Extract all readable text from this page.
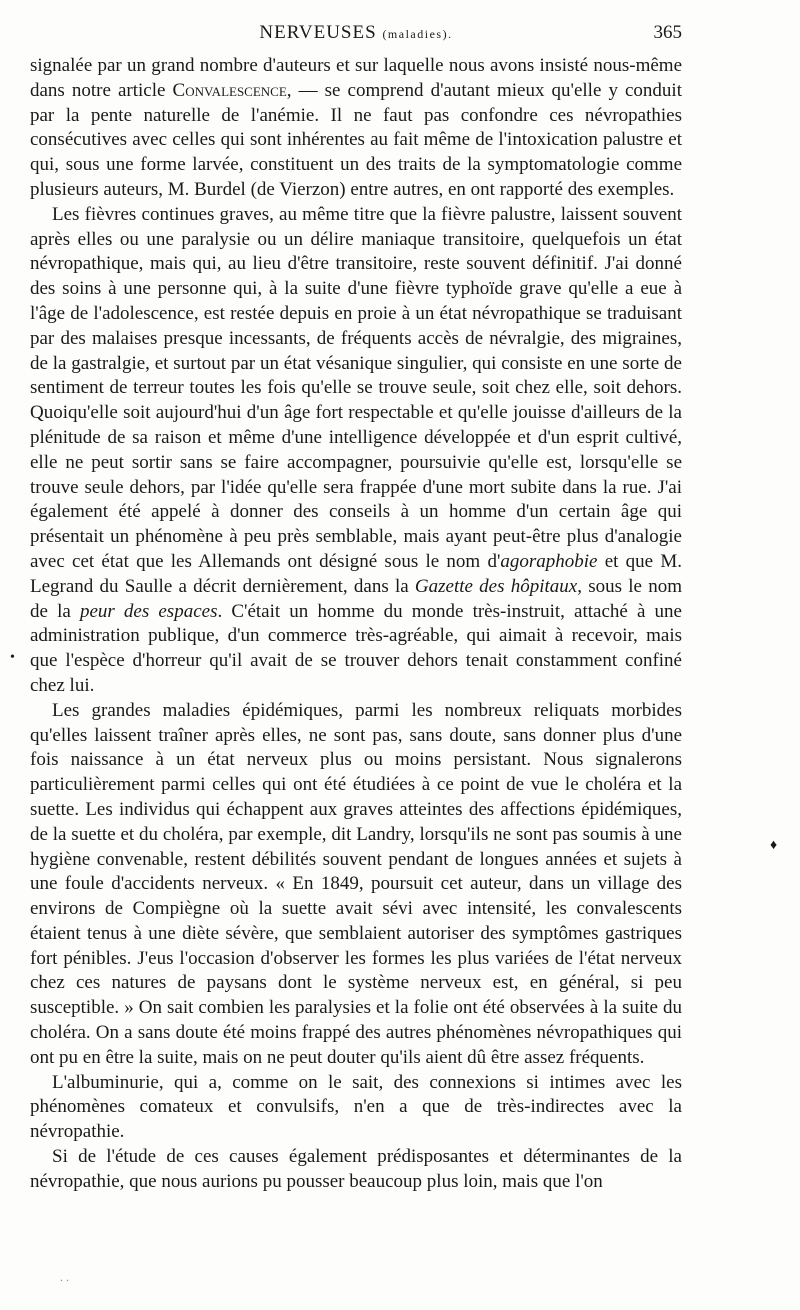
NERVEUSES (maladies).	365

signalée par un grand nombre d'auteurs et sur laquelle nous avons insisté nous-même dans notre article Convalescence, — se comprend d'autant mieux qu'elle y conduit par la pente naturelle de l'anémie. Il ne faut pas confondre ces névropathies consécutives avec celles qui sont inhérentes au fait même de l'intoxication palustre et qui, sous une forme larvée, constituent un des traits de la symptomatologie comme plusieurs auteurs, M. Burdel (de Vierzon) entre autres, en ont rapporté des exemples.

Les fièvres continues graves, au même titre que la fièvre palustre, laissent souvent après elles ou une paralysie ou un délire maniaque transitoire, quelquefois un état névropathique, mais qui, au lieu d'être transitoire, reste souvent définitif. J'ai donné des soins à une personne qui, à la suite d'une fièvre typhoïde grave qu'elle a eue à l'âge de l'adolescence, est restée depuis en proie à un état névropathique se traduisant par des malaises presque incessants, de fréquents accès de névralgie, des migraines, de la gastralgie, et surtout par un état vésanique singulier, qui consiste en une sorte de sentiment de terreur toutes les fois qu'elle se trouve seule, soit chez elle, soit dehors. Quoiqu'elle soit aujourd'hui d'un âge fort respectable et qu'elle jouisse d'ailleurs de la plénitude de sa raison et même d'une intelligence développée et d'un esprit cultivé, elle ne peut sortir sans se faire accompagner, poursuivie qu'elle est, lorsqu'elle se trouve seule dehors, par l'idée qu'elle sera frappée d'une mort subite dans la rue. J'ai également été appelé à donner des conseils à un homme d'un certain âge qui présentait un phénomène à peu près semblable, mais ayant peut-être plus d'analogie avec cet état que les Allemands ont désigné sous le nom d'agoraphobie et que M. Legrand du Saulle a décrit dernièrement, dans la Gazette des hôpitaux, sous le nom de la peur des espaces. C'était un homme du monde très-instruit, attaché à une administration publique, d'un commerce très-agréable, qui aimait à recevoir, mais que l'espèce d'horreur qu'il avait de se trouver dehors tenait constamment confiné chez lui.

Les grandes maladies épidémiques, parmi les nombreux reliquats morbides qu'elles laissent traîner après elles, ne sont pas, sans doute, sans donner plus d'une fois naissance à un état nerveux plus ou moins persistant. Nous signalerons particulièrement parmi celles qui ont été étudiées à ce point de vue le choléra et la suette. Les individus qui échappent aux graves atteintes des affections épidémiques, de la suette et du choléra, par exemple, dit Landry, lorsqu'ils ne sont pas soumis à une hygiène convenable, restent débilités souvent pendant de longues années et sujets à une foule d'accidents nerveux. « En 1849, poursuit cet auteur, dans un village des environs de Compiègne où la suette avait sévi avec intensité, les convalescents étaient tenus à une diète sévère, que semblaient autoriser des symptômes gastriques fort pénibles. J'eus l'occasion d'observer les formes les plus variées de l'état nerveux chez ces natures de paysans dont le système nerveux est, en général, si peu susceptible. » On sait combien les paralysies et la folie ont été observées à la suite du choléra. On a sans doute été moins frappé des autres phénomènes névropathiques qui ont pu en être la suite, mais on ne peut douter qu'ils aient dû être assez fréquents.

L'albuminurie, qui a, comme on le sait, des connexions si intimes avec les phénomènes comateux et convulsifs, n'en a que de très-indirectes avec la névropathie.

Si de l'étude de ces causes également prédisposantes et déterminantes de la névropathie, que nous aurions pu pousser beaucoup plus loin, mais que l'on

•
♦
. .
